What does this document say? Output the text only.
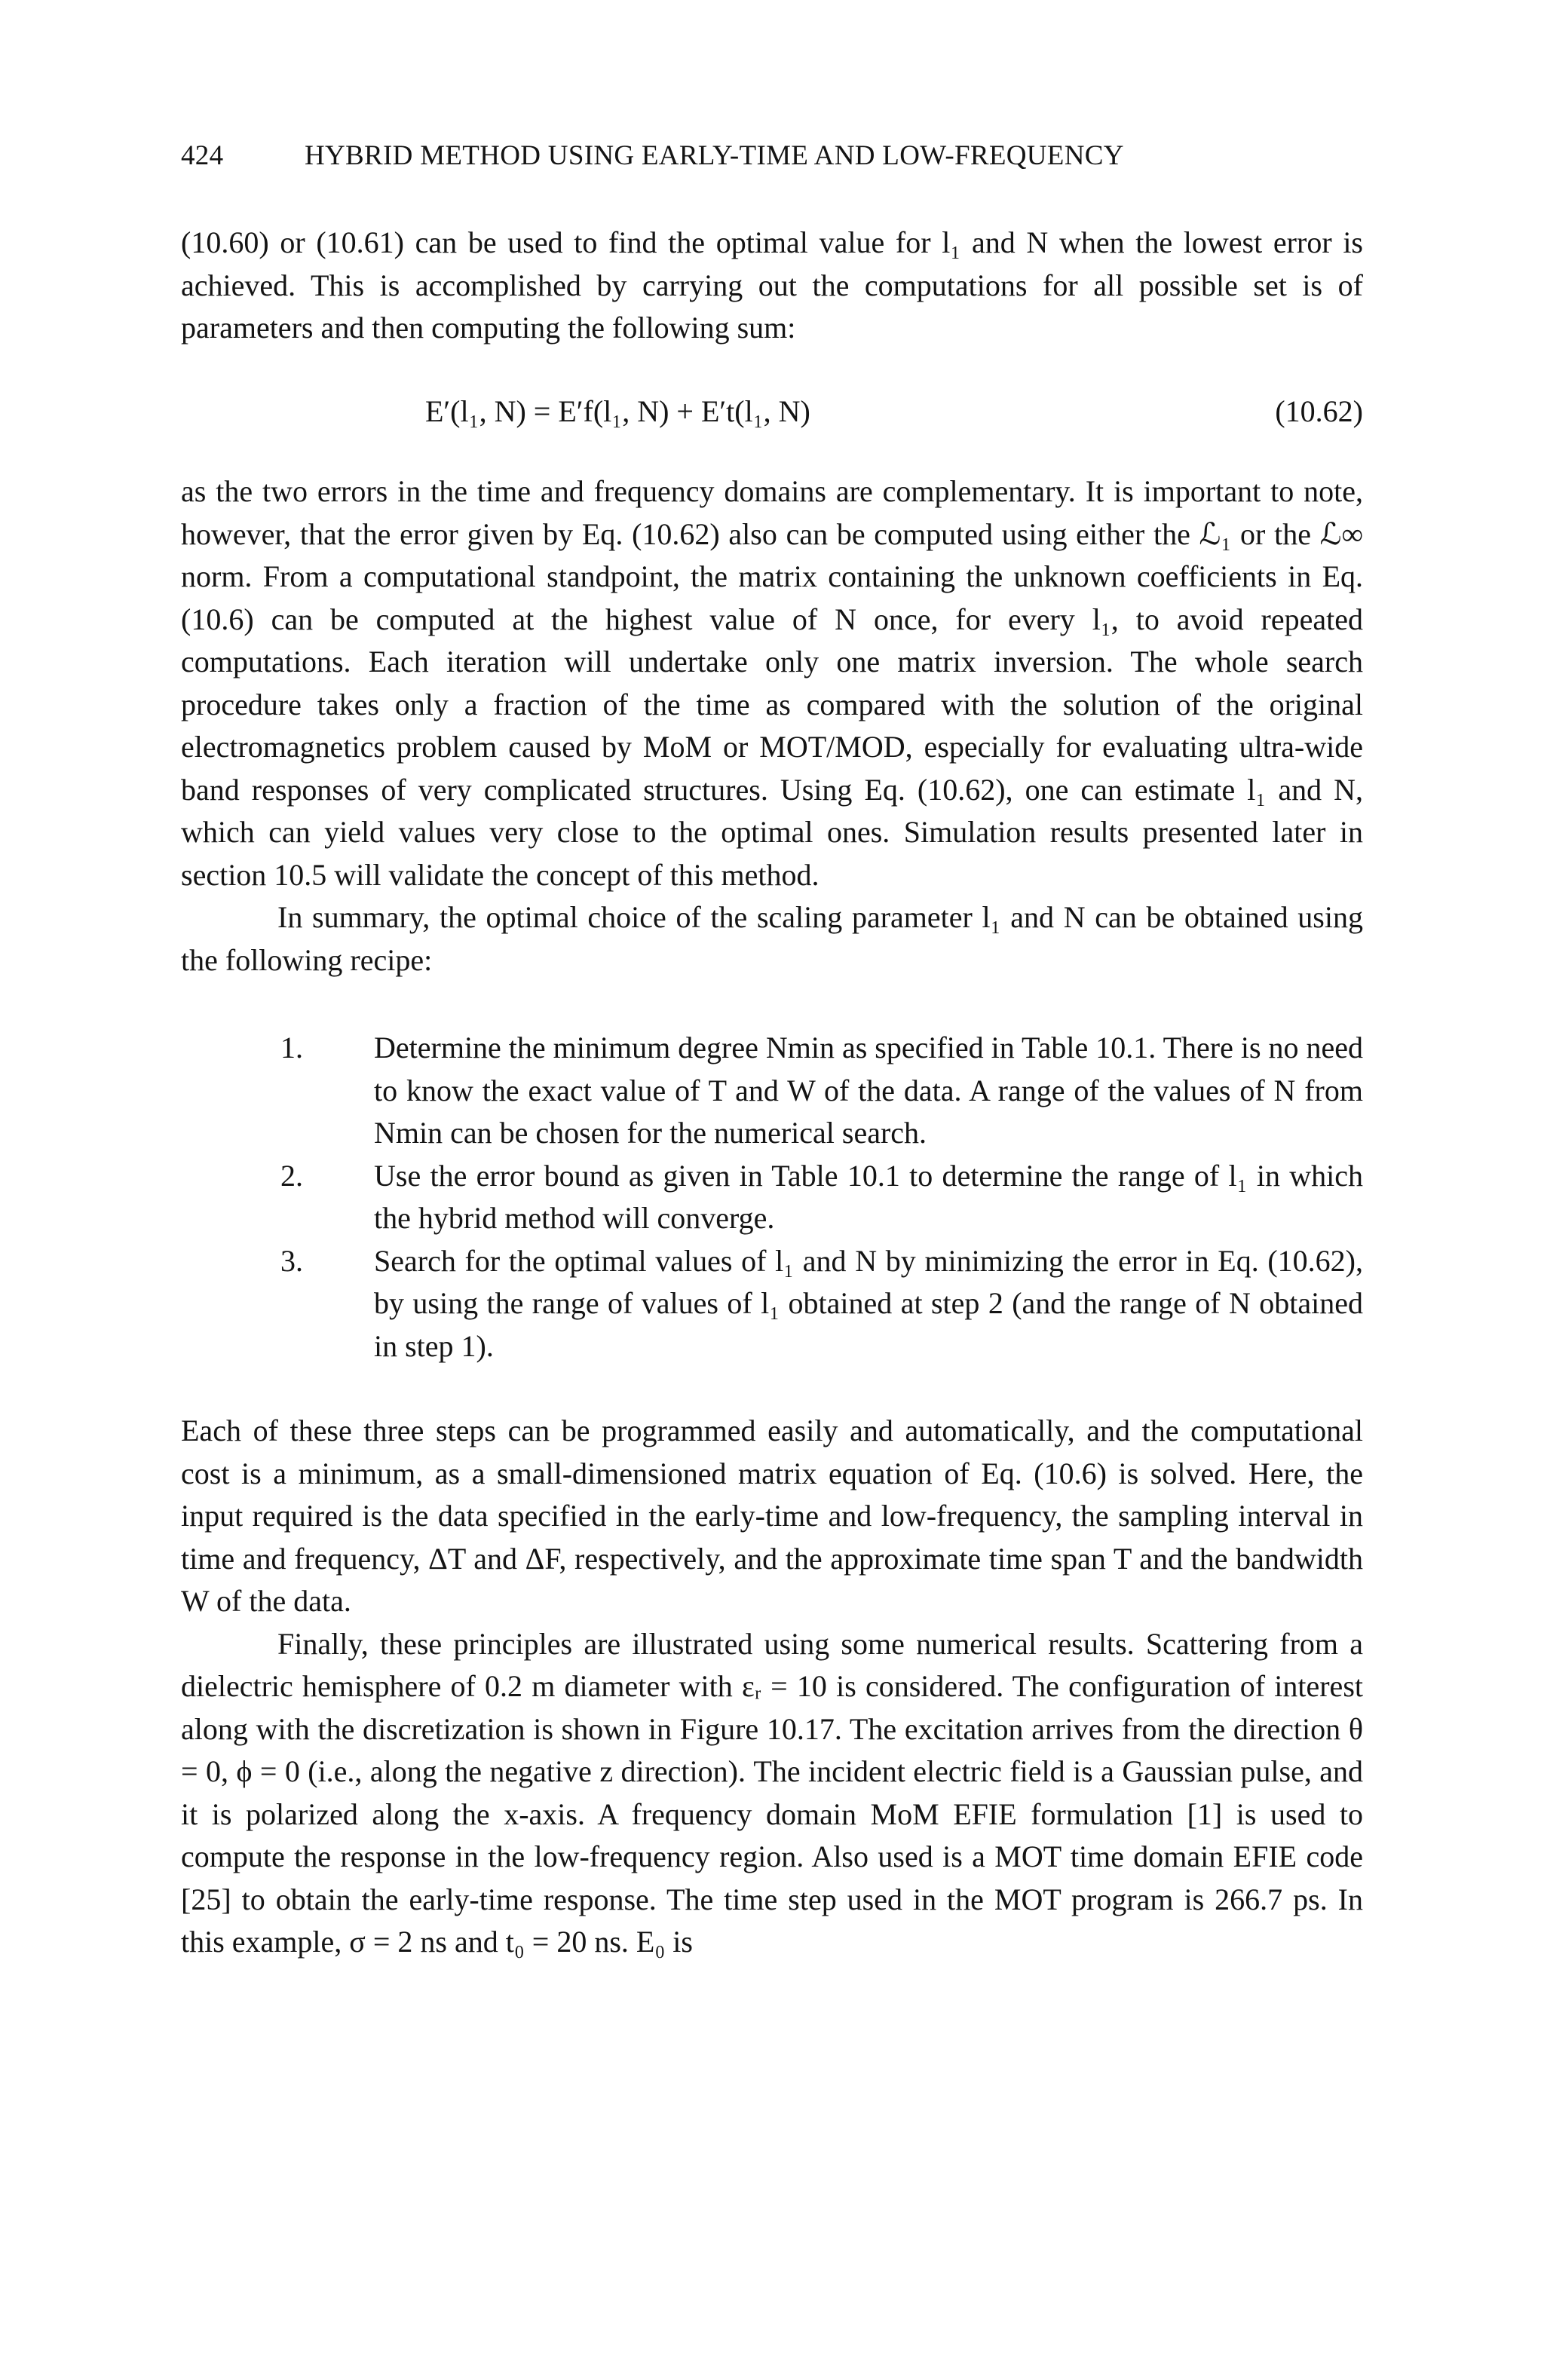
424	HYBRID METHOD USING EARLY-TIME AND LOW-FREQUENCY

(10.60) or (10.61) can be used to find the optimal value for l₁ and N when the lowest error is achieved. This is accomplished by carrying out the computations for all possible set is of parameters and then computing the following sum:

E′(l₁, N) = E′f(l₁, N) + E′t(l₁, N)	(10.62)

as the two errors in the time and frequency domains are complementary. It is important to note, however, that the error given by Eq. (10.62) also can be computed using either the ℒ₁ or the ℒ∞ norm. From a computational standpoint, the matrix containing the unknown coefficients in Eq. (10.6) can be computed at the highest value of N once, for every l₁, to avoid repeated computations. Each iteration will undertake only one matrix inversion. The whole search procedure takes only a fraction of the time as compared with the solution of the original electromagnetics problem caused by MoM or MOT/MOD, especially for evaluating ultra-wide band responses of very complicated structures. Using Eq. (10.62), one can estimate l₁ and N, which can yield values very close to the optimal ones. Simulation results presented later in section 10.5 will validate the concept of this method.

In summary, the optimal choice of the scaling parameter l₁ and N can be obtained using the following recipe:

1. Determine the minimum degree Nmin as specified in Table 10.1. There is no need to know the exact value of T and W of the data. A range of the values of N from Nmin can be chosen for the numerical search.
2. Use the error bound as given in Table 10.1 to determine the range of l₁ in which the hybrid method will converge.
3. Search for the optimal values of l₁ and N by minimizing the error in Eq. (10.62), by using the range of values of l₁ obtained at step 2 (and the range of N obtained in step 1).

Each of these three steps can be programmed easily and automatically, and the computational cost is a minimum, as a small-dimensioned matrix equation of Eq. (10.6) is solved. Here, the input required is the data specified in the early-time and low-frequency, the sampling interval in time and frequency, ΔT and ΔF, respectively, and the approximate time span T and the bandwidth W of the data.

Finally, these principles are illustrated using some numerical results. Scattering from a dielectric hemisphere of 0.2 m diameter with εᵣ = 10 is considered. The configuration of interest along with the discretization is shown in Figure 10.17. The excitation arrives from the direction θ = 0, ϕ = 0 (i.e., along the negative z direction). The incident electric field is a Gaussian pulse, and it is polarized along the x-axis. A frequency domain MoM EFIE formulation [1] is used to compute the response in the low-frequency region. Also used is a MOT time domain EFIE code [25] to obtain the early-time response. The time step used in the MOT program is 266.7 ps. In this example, σ = 2 ns and t₀ = 20 ns. E₀ is
